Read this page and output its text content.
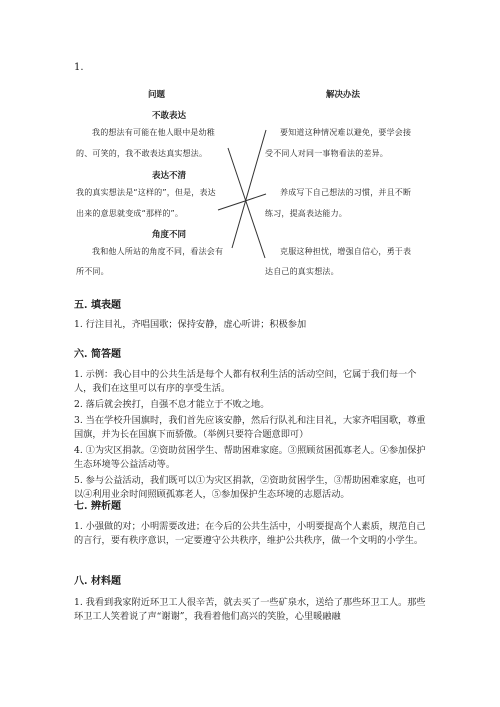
1.
问题	解决办法
不敢表达
我的想法有可能在他人眼中是幼稚
的、可笑的，我不敢表达真实想法。
表达不清
我的真实想法是“这样的”，但是，表达
出来的意思就变成“那样的”。
角度不同
我和他人所站的角度不同，看法会有
所不同。
要知道这种情况难以避免，要学会接
受不同人对同一事物看法的差异。
养成写下自己想法的习惯，并且不断
练习，提高表达能力。
克服这种担忧，增强自信心，勇于表
达自己的真实想法。
五. 填表题

1. 行注目礼，齐唱国歌；保持安静，虚心听讲；积极参加

六. 简答题

1. 示例：我心目中的公共生活是每个人都有权利生活的活动空间，它属于我们每一个人，我们在这里可以有序的享受生活。

2. 落后就会挨打，自强不息才能立于不败之地。

3. 当在学校升国旗时，我们首先应该安静，然后行队礼和注目礼，大家齐唱国歌，尊重国旗，并为长在国旗下而骄傲。（举例只要符合题意即可）

4. ①为灾区捐款。②资助贫困学生、帮助困难家庭。③照顾贫困孤寡老人。④参加保护生态环境等公益活动等。

5. 参与公益活动，我们既可以①为灾区捐款，②资助贫困学生，③帮助困难家庭，也可以④利用业余时间照顾孤寡老人，⑤参加保护生态环境的志愿活动。

七. 辨析题

1. 小强做的对；小明需要改进；在今后的公共生活中，小明要提高个人素质，规范自己的言行，要有秩序意识，一定要遵守公共秩序，维护公共秩序，做一个文明的小学生。

八. 材料题

1. 我看到我家附近环卫工人很辛苦，就去买了一些矿泉水，送给了那些环卫工人。那些环卫工人笑着说了声“谢谢”，我看着他们高兴的笑脸，心里暖融融
